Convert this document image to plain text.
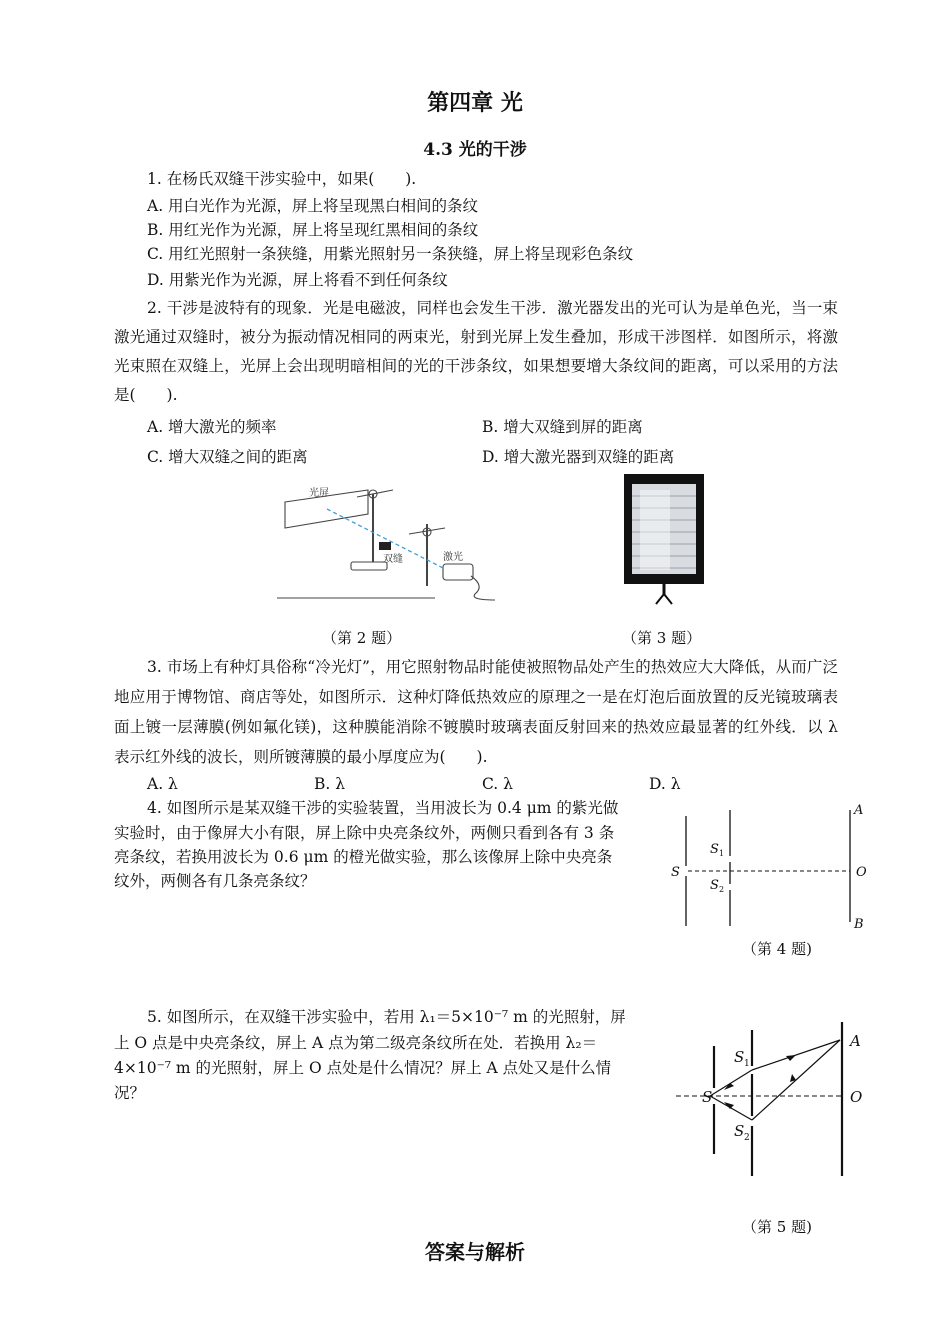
第四章 光
4.3 光的干涉
1. 在杨氏双缝干涉实验中，如果(　　).
A. 用白光作为光源，屏上将呈现黑白相间的条纹
B. 用红光作为光源，屏上将呈现红黑相间的条纹
C. 用红光照射一条狭缝，用紫光照射另一条狭缝，屏上将呈现彩色条纹
D. 用紫光作为光源，屏上将看不到任何条纹
2. 干涉是波特有的现象．光是电磁波，同样也会发生干涉．激光器发出的光可认为是单色光，当一束激光通过双缝时，被分为振动情况相同的两束光，射到光屏上发生叠加，形成干涉图样．如图所示，将激光束照在双缝上，光屏上会出现明暗相间的光的干涉条纹，如果想要增大条纹间的距离，可以采用的方法是(　　).
A. 增大激光的频率	B. 增大双缝到屏的距离
C. 增大双缝之间的距离	D. 增大激光器到双缝的距离
光屏
双缝	激光
（第 2 题）	（第 3 题）
3. 市场上有种灯具俗称“冷光灯”，用它照射物品时能使被照物品处产生的热效应大大降低，从而广泛地应用于博物馆、商店等处，如图所示．这种灯降低热效应的原理之一是在灯泡后面放置的反光镜玻璃表面上镀一层薄膜(例如氟化镁)，这种膜能消除不镀膜时玻璃表面反射回来的热效应最显著的红外线．以 λ 表示红外线的波长，则所镀薄膜的最小厚度应为(　　).
A. λ	B. λ	C. λ	D. λ
4. 如图所示是某双缝干涉的实验装置，当用波长为 0.4 μm 的紫光做
实验时，由于像屏大小有限，屏上除中央亮条纹外，两侧只看到各有 3 条
亮条纹，若换用波长为 0.6 μm 的橙光做实验，那么该像屏上除中央亮条
纹外，两侧各有几条亮条纹？	S
S
S
A
O
B
1
2
（第 4 题)
5. 如图所示，在双缝干涉实验中，若用 λ₁＝5×10⁻⁷ m 的光照射，屏
上 O 点是中央亮条纹，屏上 A 点为第二级亮条纹所在处．若换用 λ₂＝
4×10⁻⁷ m 的光照射，屏上 O 点处是什么情况？屏上 A 点处又是什么情
况？	S
S
S
A
O
1
2
（第 5 题)
答案与解析
